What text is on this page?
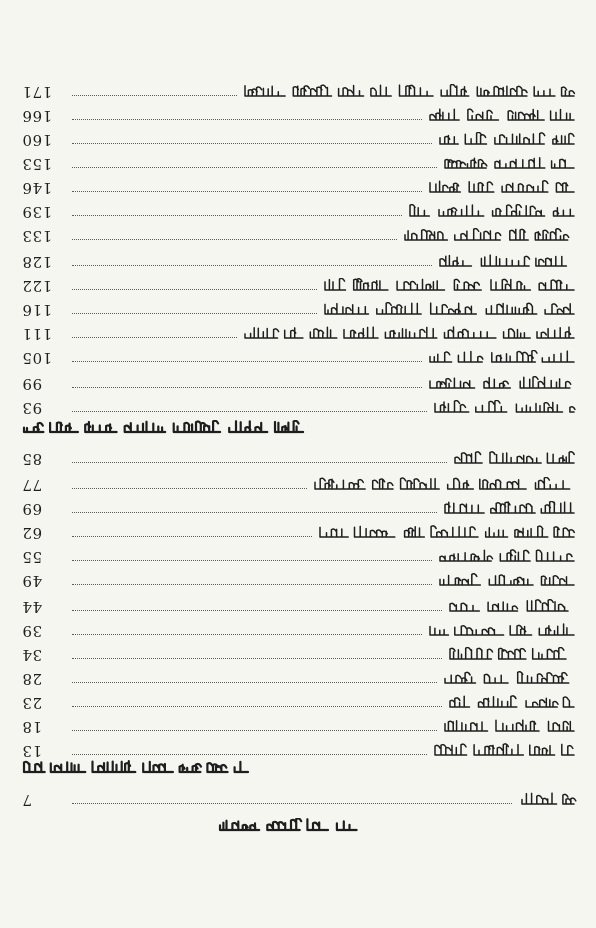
171
166
160
153
146
139
133
128
122
116
111
105
99
93
85
77
69
62
55
49
44
39
34
28
23
18
13
7
